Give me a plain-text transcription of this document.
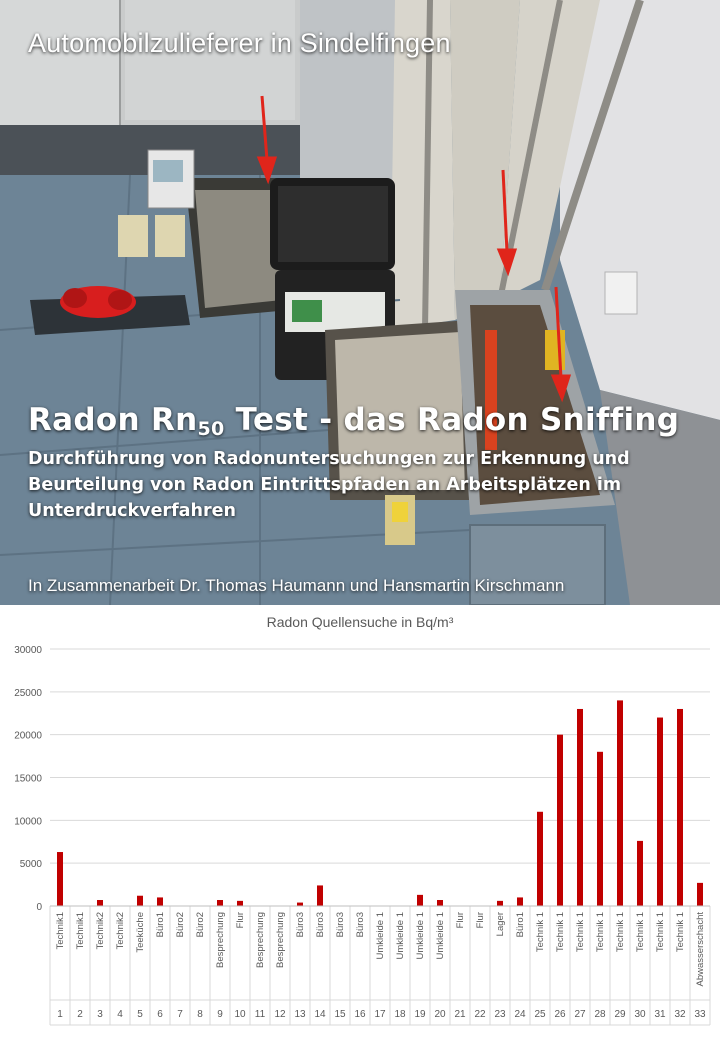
Automobilzulieferer in Sindelfingen
Radon $Rn_{50}$ Test - das Radon Sniffing
Durchführung von Radonuntersuchungen zur Erkennung und Beurteilung von Radon Eintrittspfaden an Arbeitsplätzen im Unterdruckverfahren
In Zusammenarbeit Dr. Thomas Haumann und Hansmartin Kirschmann
Radon Quellensuche in Bq/m³
0
5000
10000
15000
20000
25000
30000
Technik1
1
Technik1
2
Technik2
3
Technik2
4
Teeküche
5
Büro1
6
Büro2
7
Büro2
8
Besprechung
9
Flur
10
Besprechung
11
Besprechung
12
Büro3
13
Büro3
14
Büro3
15
Büro3
16
Umkleide 1
17
Umkleide 1
18
Umkleide 1
19
Umkleide 1
20
Flur
21
Flur
22
Lager
23
Büro1
24
Technik 1
25
Technik 1
26
Technik 1
27
Technik 1
28
Technik 1
29
Technik 1
30
Technik 1
31
Technik 1
32
Abwasserschacht
33
